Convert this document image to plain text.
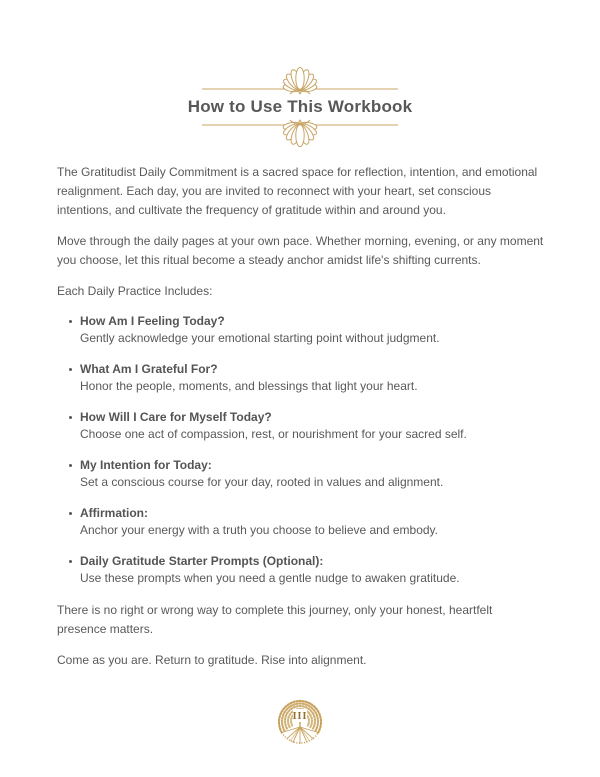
How to Use This Workbook

The Gratitudist Daily Commitment is a sacred space for reflection, intention, and emotional realignment. Each day, you are invited to reconnect with your heart, set conscious intentions, and cultivate the frequency of gratitude within and around you.

Move through the daily pages at your own pace. Whether morning, evening, or any moment you choose, let this ritual become a steady anchor amidst life's shifting currents.

Each Daily Practice Includes:

How Am I Feeling Today?
Gently acknowledge your emotional starting point without judgment.
What Am I Grateful For?
Honor the people, moments, and blessings that light your heart.
How Will I Care for Myself Today?
Choose one act of compassion, rest, or nourishment for your sacred self.
My Intention for Today:
Set a conscious course for your day, rooted in values and alignment.
Affirmation:
Anchor your energy with a truth you choose to believe and embody.
Daily Gratitude Starter Prompts (Optional):
Use these prompts when you need a gentle nudge to awaken gratitude.

There is no right or wrong way to complete this journey, only your honest, heartfelt presence matters.

Come as you are. Return to gratitude. Rise into alignment.

III
